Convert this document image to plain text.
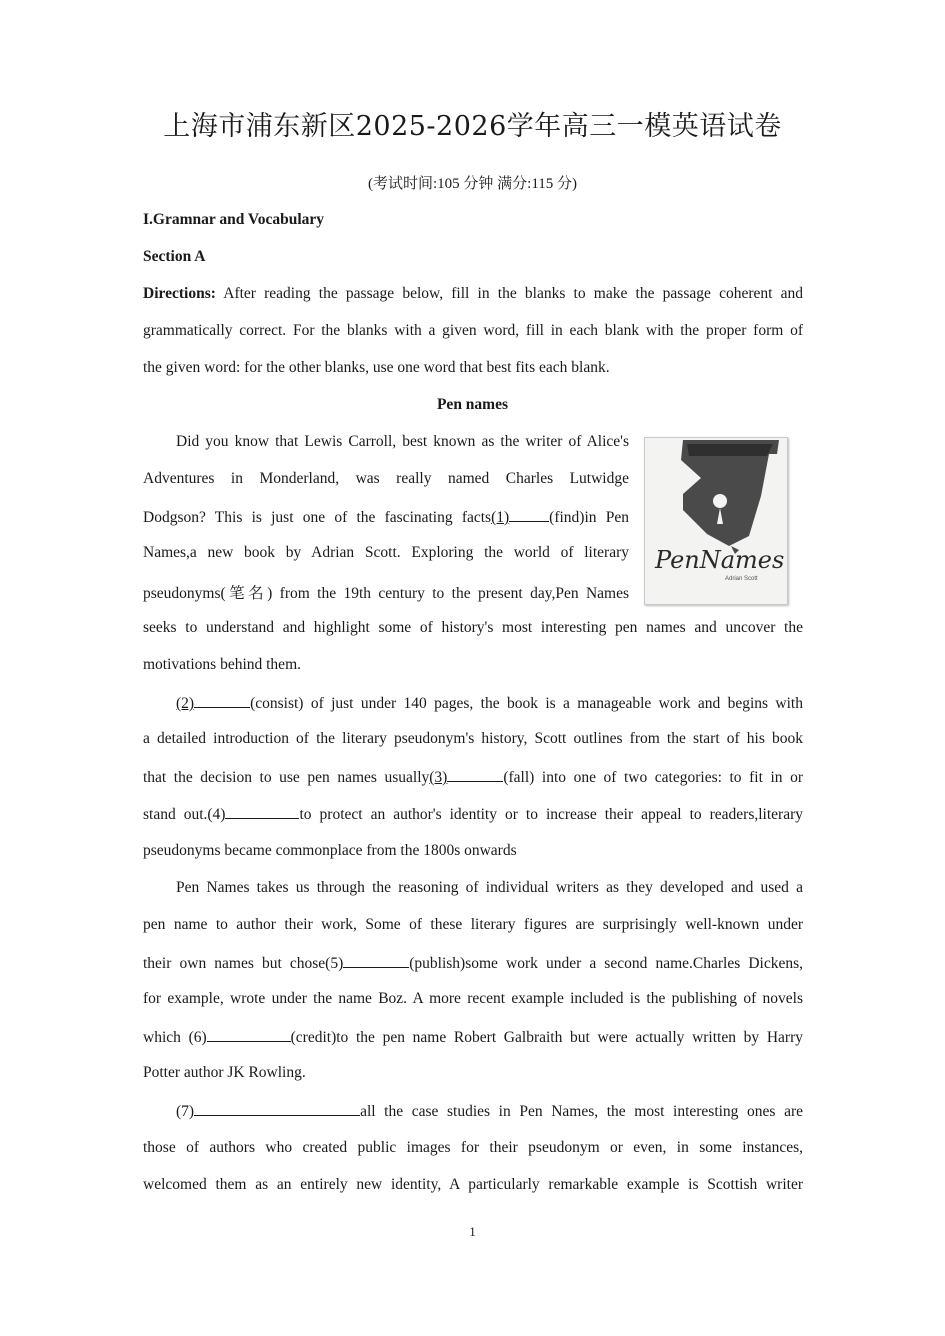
上海市浦东新区2025-2026学年高三一模英语试卷
(考试时间:105 分钟 满分:115 分)
I.Gramnar and Vocabulary
Section A
Directions: After reading the passage below, fill in the blanks to make the passage coherent and
grammatically correct. For the blanks with a given word, fill in each blank with the proper form of
the given word: for the other blanks, use one word that best fits each blank.
Pen names
Did you know that Lewis Carroll, best known as the writer of Alice's
Adventures in Monderland, was really named Charles Lutwidge
Dodgson? This is just one of the fascinating facts(1)	(find)in Pen
Names,a new book by Adrian Scott. Exploring the world of literary
pseudonyms(笔名) from the 19th century to the present day,Pen Names
seeks to understand and highlight some of history's most interesting pen names and uncover the
motivations behind them.
PenNames
Adrian Scott
(2)	(consist) of just under 140 pages, the book is a manageable work and begins with
a detailed introduction of the literary pseudonym's history, Scott outlines from the start of his book
that the decision to use pen names usually(3)	(fall) into one of two categories: to fit in or
stand out.(4)	to protect an author's identity or to increase their appeal to readers,literary
pseudonyms became commonplace from the 1800s onwards
Pen Names takes us through the reasoning of individual writers as they developed and used a
pen name to author their work, Some of these literary figures are surprisingly well-known under
their own names but chose(5)	(publish)some work under a second name.Charles Dickens,
for example, wrote under the name Boz. A more recent example included is the publishing of novels
which (6)	(credit)to the pen name Robert Galbraith but were actually written by Harry
Potter author JK Rowling.
(7)	all the case studies in Pen Names, the most interesting ones are
those of authors who created public images for their pseudonym or even, in some instances,
welcomed them as an entirely new identity, A particularly remarkable example is Scottish writer
1
